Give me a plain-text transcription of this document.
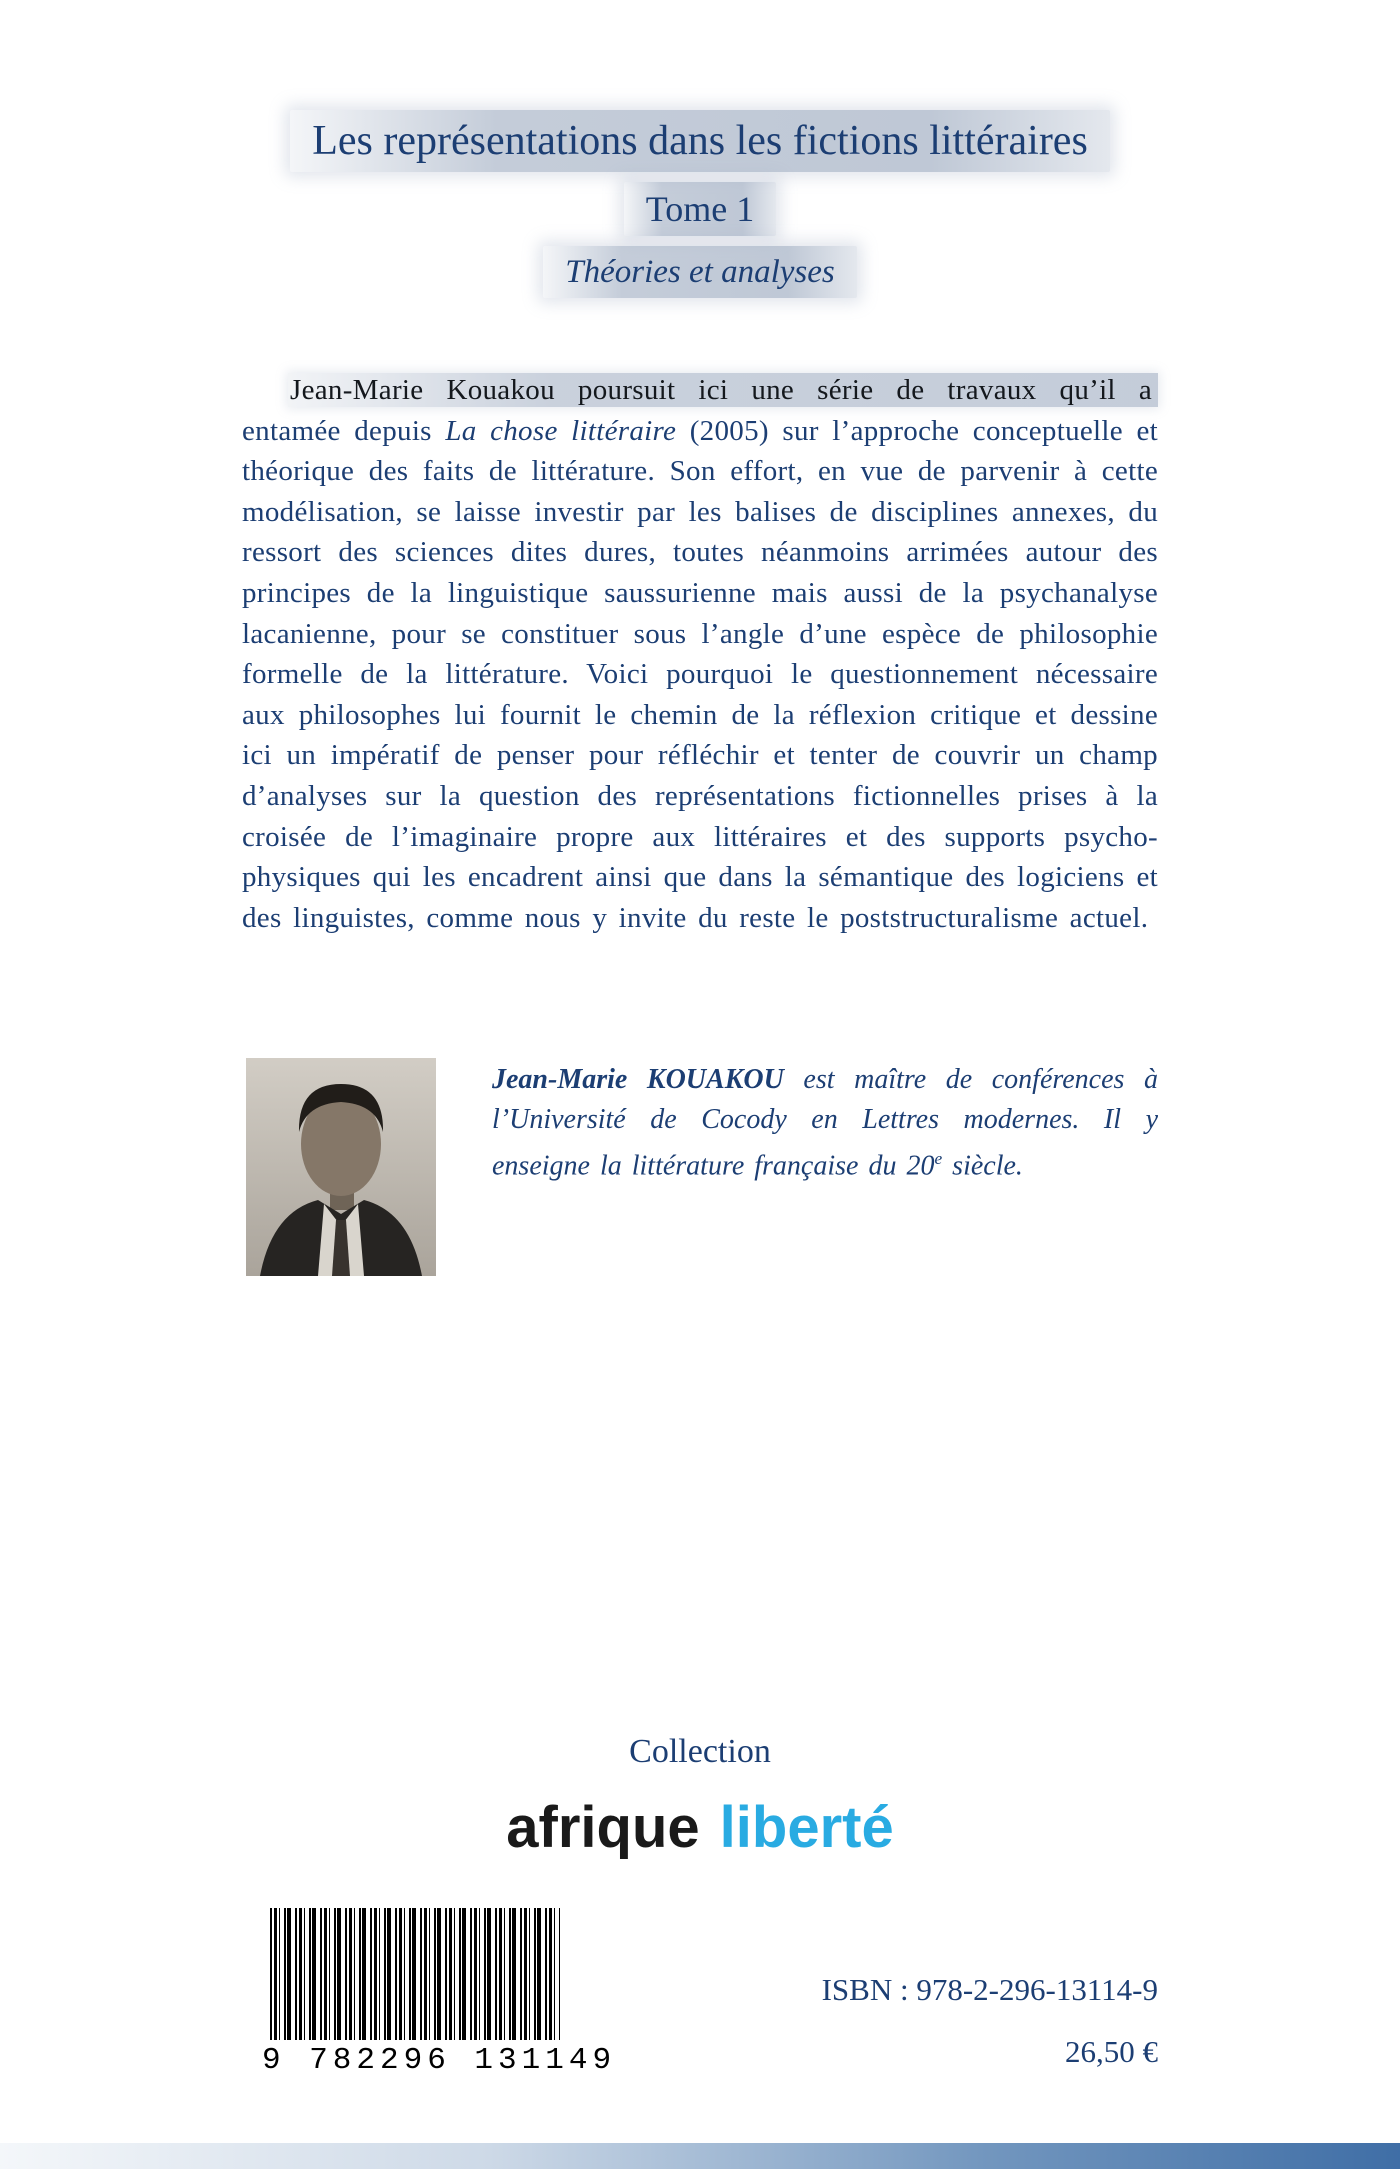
Les représentations dans les fictions littéraires
Tome 1
Théories et analyses

Jean-Marie Kouakou poursuit ici une série de travaux qu’il a entamée depuis La chose littéraire (2005) sur l’approche conceptuelle et théorique des faits de littérature. Son effort, en vue de parvenir à cette modélisation, se laisse investir par les balises de disciplines annexes, du ressort des sciences dites dures, toutes néanmoins arrimées autour des principes de la linguistique saussurienne mais aussi de la psychanalyse lacanienne, pour se constituer sous l’angle d’une espèce de philosophie formelle de la littérature. Voici pourquoi le questionnement nécessaire aux philosophes lui fournit le chemin de la réflexion critique et dessine ici un impératif de penser pour réfléchir et tenter de couvrir un champ d’analyses sur la question des représentations fictionnelles prises à la croisée de l’imaginaire propre aux littéraires et des supports psycho-physiques qui les encadrent ainsi que dans la sémantique des logiciens et des linguistes, comme nous y invite du reste le poststructuralisme actuel.

Jean-Marie KOUAKOU est maître de conférences à l’Université de Cocody en Lettres modernes. Il y enseigne la littérature française du 20e siècle.

Collection
afrique liberté
9 782296 131149
ISBN : 978-2-296-13114-9
26,50 €
